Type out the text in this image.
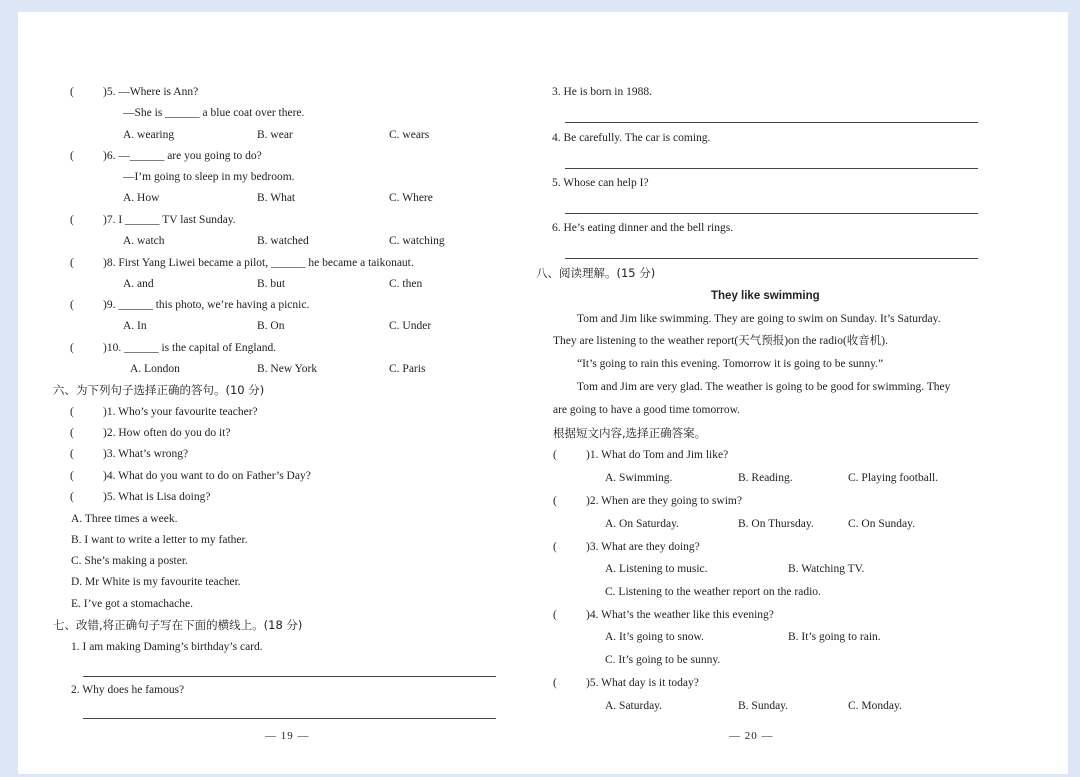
(	)5. —Where is Ann?
—She is ______ a blue coat over there.
A. wearing	B. wear	C. wears
(	)6. —______ are you going to do?
—I’m going to sleep in my bedroom.
A. How	B. What	C. Where
(	)7. I ______ TV last Sunday.
A. watch	B. watched	C. watching
(	)8. First Yang Liwei became a pilot, ______ he became a taikonaut.
A. and	B. but	C. then
(	)9. ______ this photo, we’re having a picnic.
A. In	B. On	C. Under
(	)10. ______ is the capital of England.
A. London	B. New York	C. Paris
六、为下列句子选择正确的答句。(10 分)
(	)1. Who’s your favourite teacher?
(	)2. How often do you do it?
(	)3. What’s wrong?
(	)4. What do you want to do on Father’s Day?
(	)5. What is Lisa doing?
A. Three times a week.
B. I want to write a letter to my father.
C. She’s making a poster.
D. Mr White is my favourite teacher.
E. I’ve got a stomachache.
七、改错,将正确句子写在下面的横线上。(18 分)
1. I am making Daming’s birthday’s card.
2. Why does he famous?
— 19 —
3. He is born in 1988.
4. Be carefully. The car is coming.
5. Whose can help I?
6. He’s eating dinner and the bell rings.
八、阅读理解。(15 分)
They like swimming
Tom and Jim like swimming. They are going to swim on Sunday. It’s Saturday.
They are listening to the weather report(天气预报)on the radio(收音机).
“It’s going to rain this evening. Tomorrow it is going to be sunny.”
Tom and Jim are very glad. The weather is going to be good for swimming. They
are going to have a good time tomorrow.
根据短文内容,选择正确答案。
(	)1. What do Tom and Jim like?
A. Swimming.	B. Reading.	C. Playing football.
(	)2. When are they going to swim?
A. On Saturday.	B. On Thursday.	C. On Sunday.
(	)3. What are they doing?
A. Listening to music.	B. Watching TV.
C. Listening to the weather report on the radio.
(	)4. What’s the weather like this evening?
A. It’s going to snow.	B. It’s going to rain.
C. It’s going to be sunny.
(	)5. What day is it today?
A. Saturday.	B. Sunday.	C. Monday.
— 20 —
